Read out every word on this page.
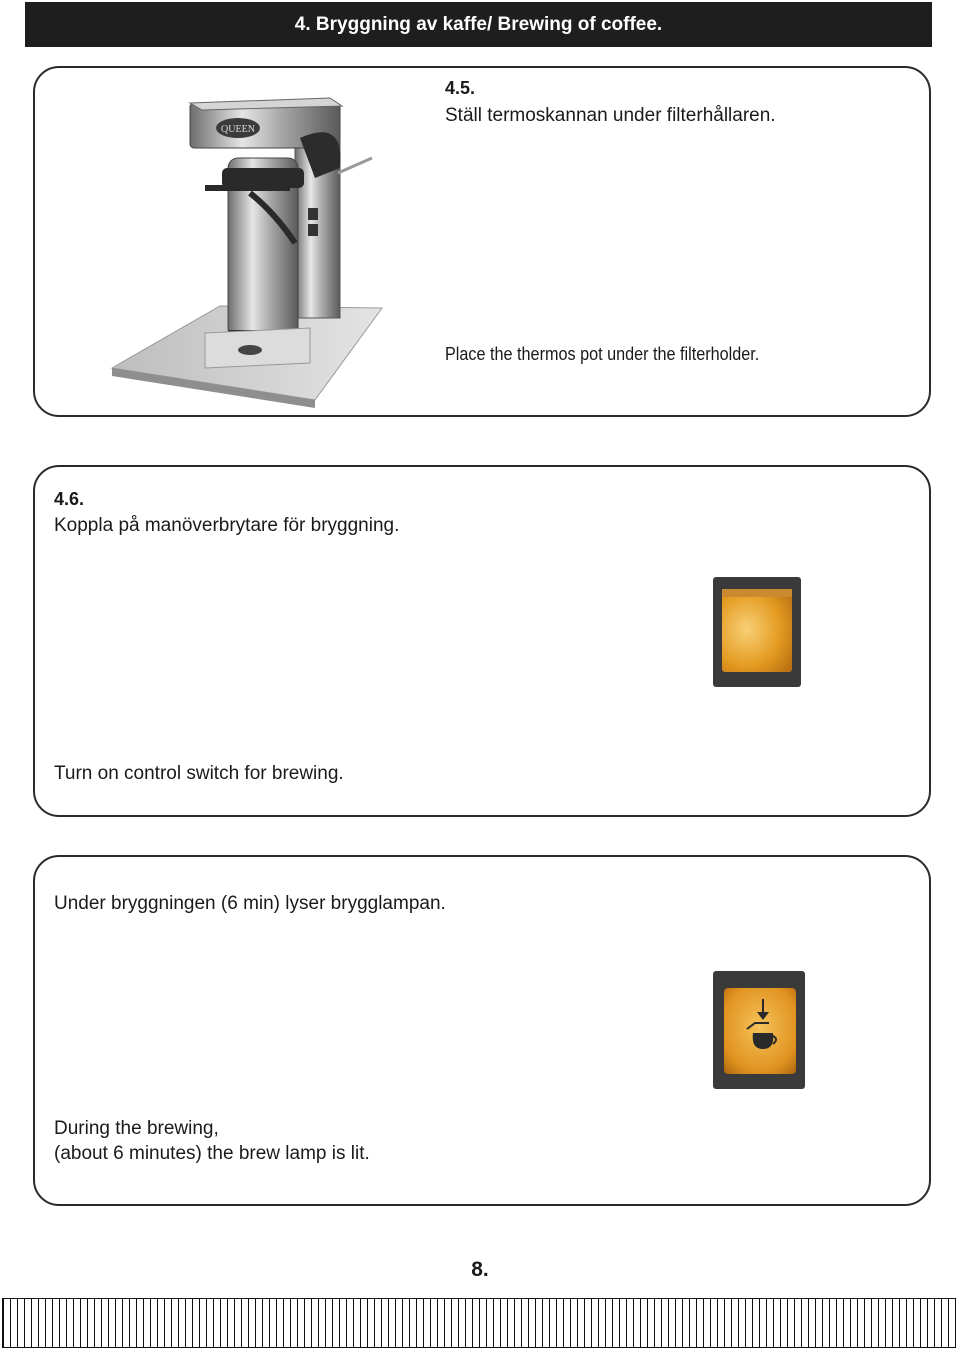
4. Bryggning av kaffe/ Brewing of coffee.
QUEEN
4.5.
Ställ termoskannan under filterhållaren.
Place the thermos pot under the filterholder.
4.6.
Koppla på manöverbrytare för bryggning.
Turn on control switch for brewing.
Under bryggningen (6 min) lyser brygglampan.
During the brewing,
(about 6 minutes) the brew lamp is lit.
8.
